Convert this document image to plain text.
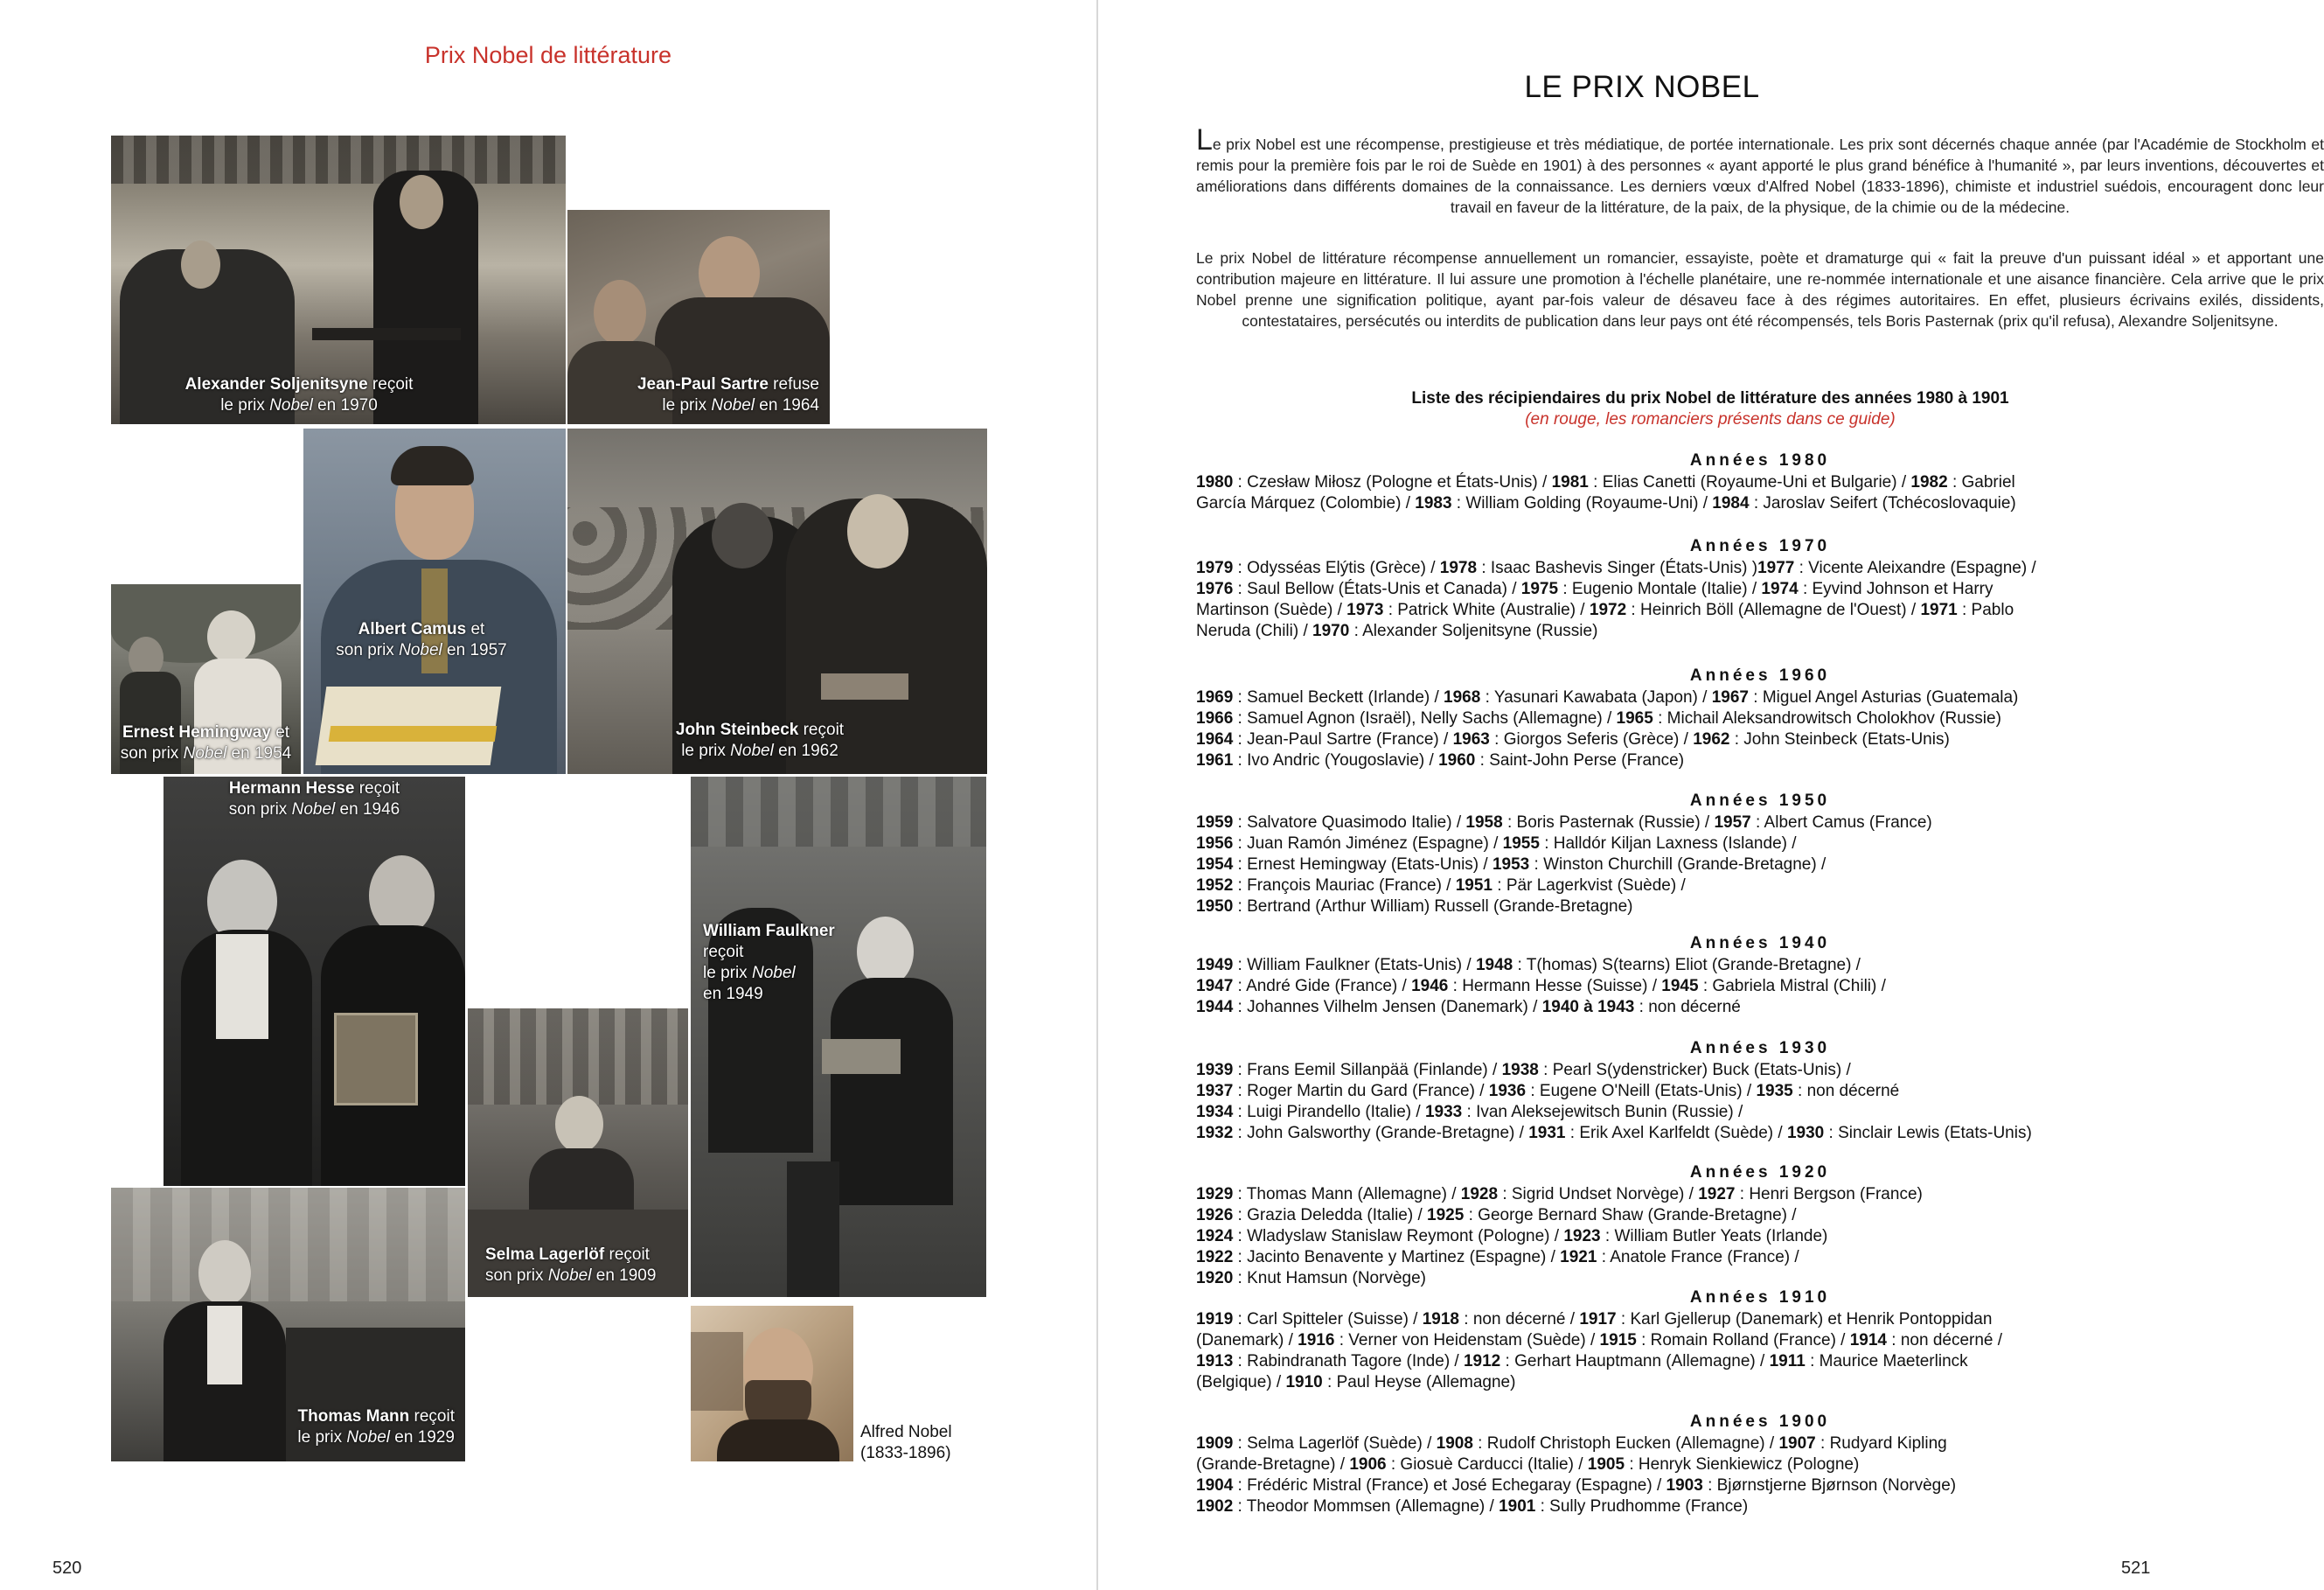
Prix Nobel de littérature
Alexander Soljenitsyne reçoit
le prix Nobel en 1970
Jean-Paul Sartre refuse
le prix Nobel en 1964
Albert Camus et
son prix Nobel en 1957
Ernest Hemingway et
son prix Nobel en 1954
John Steinbeck reçoit
le prix Nobel en 1962
Hermann Hesse reçoit
son prix Nobel en 1946
William Faulkner
reçoit
le prix Nobel
en 1949
Selma Lagerlöf reçoit
son prix Nobel en 1909
Thomas Mann reçoit
le prix Nobel en 1929	Alfred Nobel
(1833-1896)
520
LE PRIX NOBEL
Le prix Nobel est une récompense, prestigieuse et très médiatique, de portée internationale. Les prix sont décernés chaque année (par l'Académie de Stockholm et remis pour la première fois par le roi de Suède en 1901) à des personnes « ayant apporté le plus grand bénéfice à l'humanité », par leurs inventions, découvertes et améliorations dans différents domaines de la connaissance. Les derniers vœux d'Alfred Nobel (1833-1896), chimiste et industriel suédois, encouragent donc leur travail en faveur de la littérature, de la paix, de la physique, de la chimie ou de la médecine.
Le prix Nobel de littérature récompense annuellement un romancier, essayiste, poète et dramaturge qui « fait la preuve d'un puissant idéal » et apportant une contribution majeure en littérature. Il lui assure une promotion à l'échelle planétaire, une re-nommée internationale et une aisance financière. Cela arrive que le prix Nobel prenne une signification politique, ayant par-fois valeur de désaveu face à des régimes autoritaires. En effet, plusieurs écrivains exilés, dissidents, contestataires, persécutés ou interdits de publication dans leur pays ont été récompensés, tels Boris Pasternak (prix qu'il refusa), Alexandre Soljenitsyne.
Liste des récipiendaires du prix Nobel de littérature des années 1980 à 1901
(en rouge, les romanciers présents dans ce guide)
Années 1980
1980 : Czesław Miłosz (Pologne et États-Unis) / 1981 : Elias Canetti (Royaume-Uni et Bulgarie) / 1982 : Gabriel
García Márquez (Colombie) / 1983 : William Golding (Royaume-Uni) / 1984 : Jaroslav Seifert (Tchécoslovaquie)
Années 1970
1979 : Odysséas Elýtis (Grèce) / 1978 : Isaac Bashevis Singer (États-Unis) )1977 : Vicente Aleixandre (Espagne) /
1976 : Saul Bellow (États-Unis et Canada) / 1975 : Eugenio Montale (Italie) / 1974 : Eyvind Johnson et Harry
Martinson (Suède) / 1973 : Patrick White (Australie) / 1972 : Heinrich Böll (Allemagne de l'Ouest) / 1971 : Pablo
Neruda (Chili) / 1970 : Alexander Soljenitsyne (Russie)
Années 1960
1969 : Samuel Beckett (Irlande) / 1968 : Yasunari Kawabata (Japon) / 1967 : Miguel Angel Asturias (Guatemala)
1966 : Samuel Agnon (Israël), Nelly Sachs (Allemagne) / 1965 : Michail Aleksandrowitsch Cholokhov (Russie)
1964 : Jean-Paul Sartre (France) / 1963 : Giorgos Seferis (Grèce) / 1962 : John Steinbeck (Etats-Unis)
1961 : Ivo Andric (Yougoslavie) / 1960 : Saint-John Perse (France)
Années 1950
1959 : Salvatore Quasimodo Italie) / 1958 : Boris Pasternak (Russie) / 1957 : Albert Camus (France)
1956 : Juan Ramón Jiménez (Espagne) / 1955 : Halldór Kiljan Laxness (Islande) /
1954 : Ernest Hemingway (Etats-Unis) / 1953 : Winston Churchill (Grande-Bretagne) /
1952 : François Mauriac (France) / 1951 : Pär Lagerkvist (Suède) /
1950 : Bertrand (Arthur William) Russell (Grande-Bretagne)
Années 1940
1949 : William Faulkner (Etats-Unis) / 1948 : T(homas) S(tearns) Eliot (Grande-Bretagne) /
1947 : André Gide (France) / 1946 : Hermann Hesse (Suisse) / 1945 : Gabriela Mistral (Chili) /
1944 : Johannes Vilhelm Jensen (Danemark) / 1940 à 1943 : non décerné
Années 1930
1939 : Frans Eemil Sillanpää (Finlande) / 1938 : Pearl S(ydenstricker) Buck (Etats-Unis) /
1937 : Roger Martin du Gard (France) / 1936 : Eugene O'Neill (Etats-Unis) / 1935 : non décerné
1934 : Luigi Pirandello (Italie) / 1933 : Ivan Aleksejewitsch Bunin (Russie) /
1932 : John Galsworthy (Grande-Bretagne) / 1931 : Erik Axel Karlfeldt (Suède) / 1930 : Sinclair Lewis (Etats-Unis)
Années 1920
1929 : Thomas Mann (Allemagne) / 1928 : Sigrid Undset Norvège) / 1927 : Henri Bergson (France)
1926 : Grazia Deledda (Italie) / 1925 : George Bernard Shaw (Grande-Bretagne) /
1924 : Wladyslaw Stanislaw Reymont (Pologne) / 1923 : William Butler Yeats (Irlande)
1922 : Jacinto Benavente y Martinez (Espagne) / 1921 : Anatole France (France) /
1920 : Knut Hamsun (Norvège)
Années 1910
1919 : Carl Spitteler (Suisse) / 1918 : non décerné / 1917 : Karl Gjellerup (Danemark) et Henrik Pontoppidan
(Danemark) / 1916 : Verner von Heidenstam (Suède) / 1915 : Romain Rolland (France) / 1914 : non décerné /
1913 : Rabindranath Tagore (Inde) / 1912 : Gerhart Hauptmann (Allemagne) / 1911 : Maurice Maeterlinck
(Belgique) / 1910 : Paul Heyse (Allemagne)
Années 1900
1909 : Selma Lagerlöf (Suède) / 1908 : Rudolf Christoph Eucken (Allemagne) / 1907 : Rudyard Kipling
(Grande-Bretagne) / 1906 : Giosuè Carducci (Italie) / 1905 : Henryk Sienkiewicz (Pologne)
1904 : Frédéric Mistral (France) et José Echegaray (Espagne) / 1903 : Bjørnstjerne Bjørnson (Norvège)
1902 : Theodor Mommsen (Allemagne) / 1901 : Sully Prudhomme (France)
521
